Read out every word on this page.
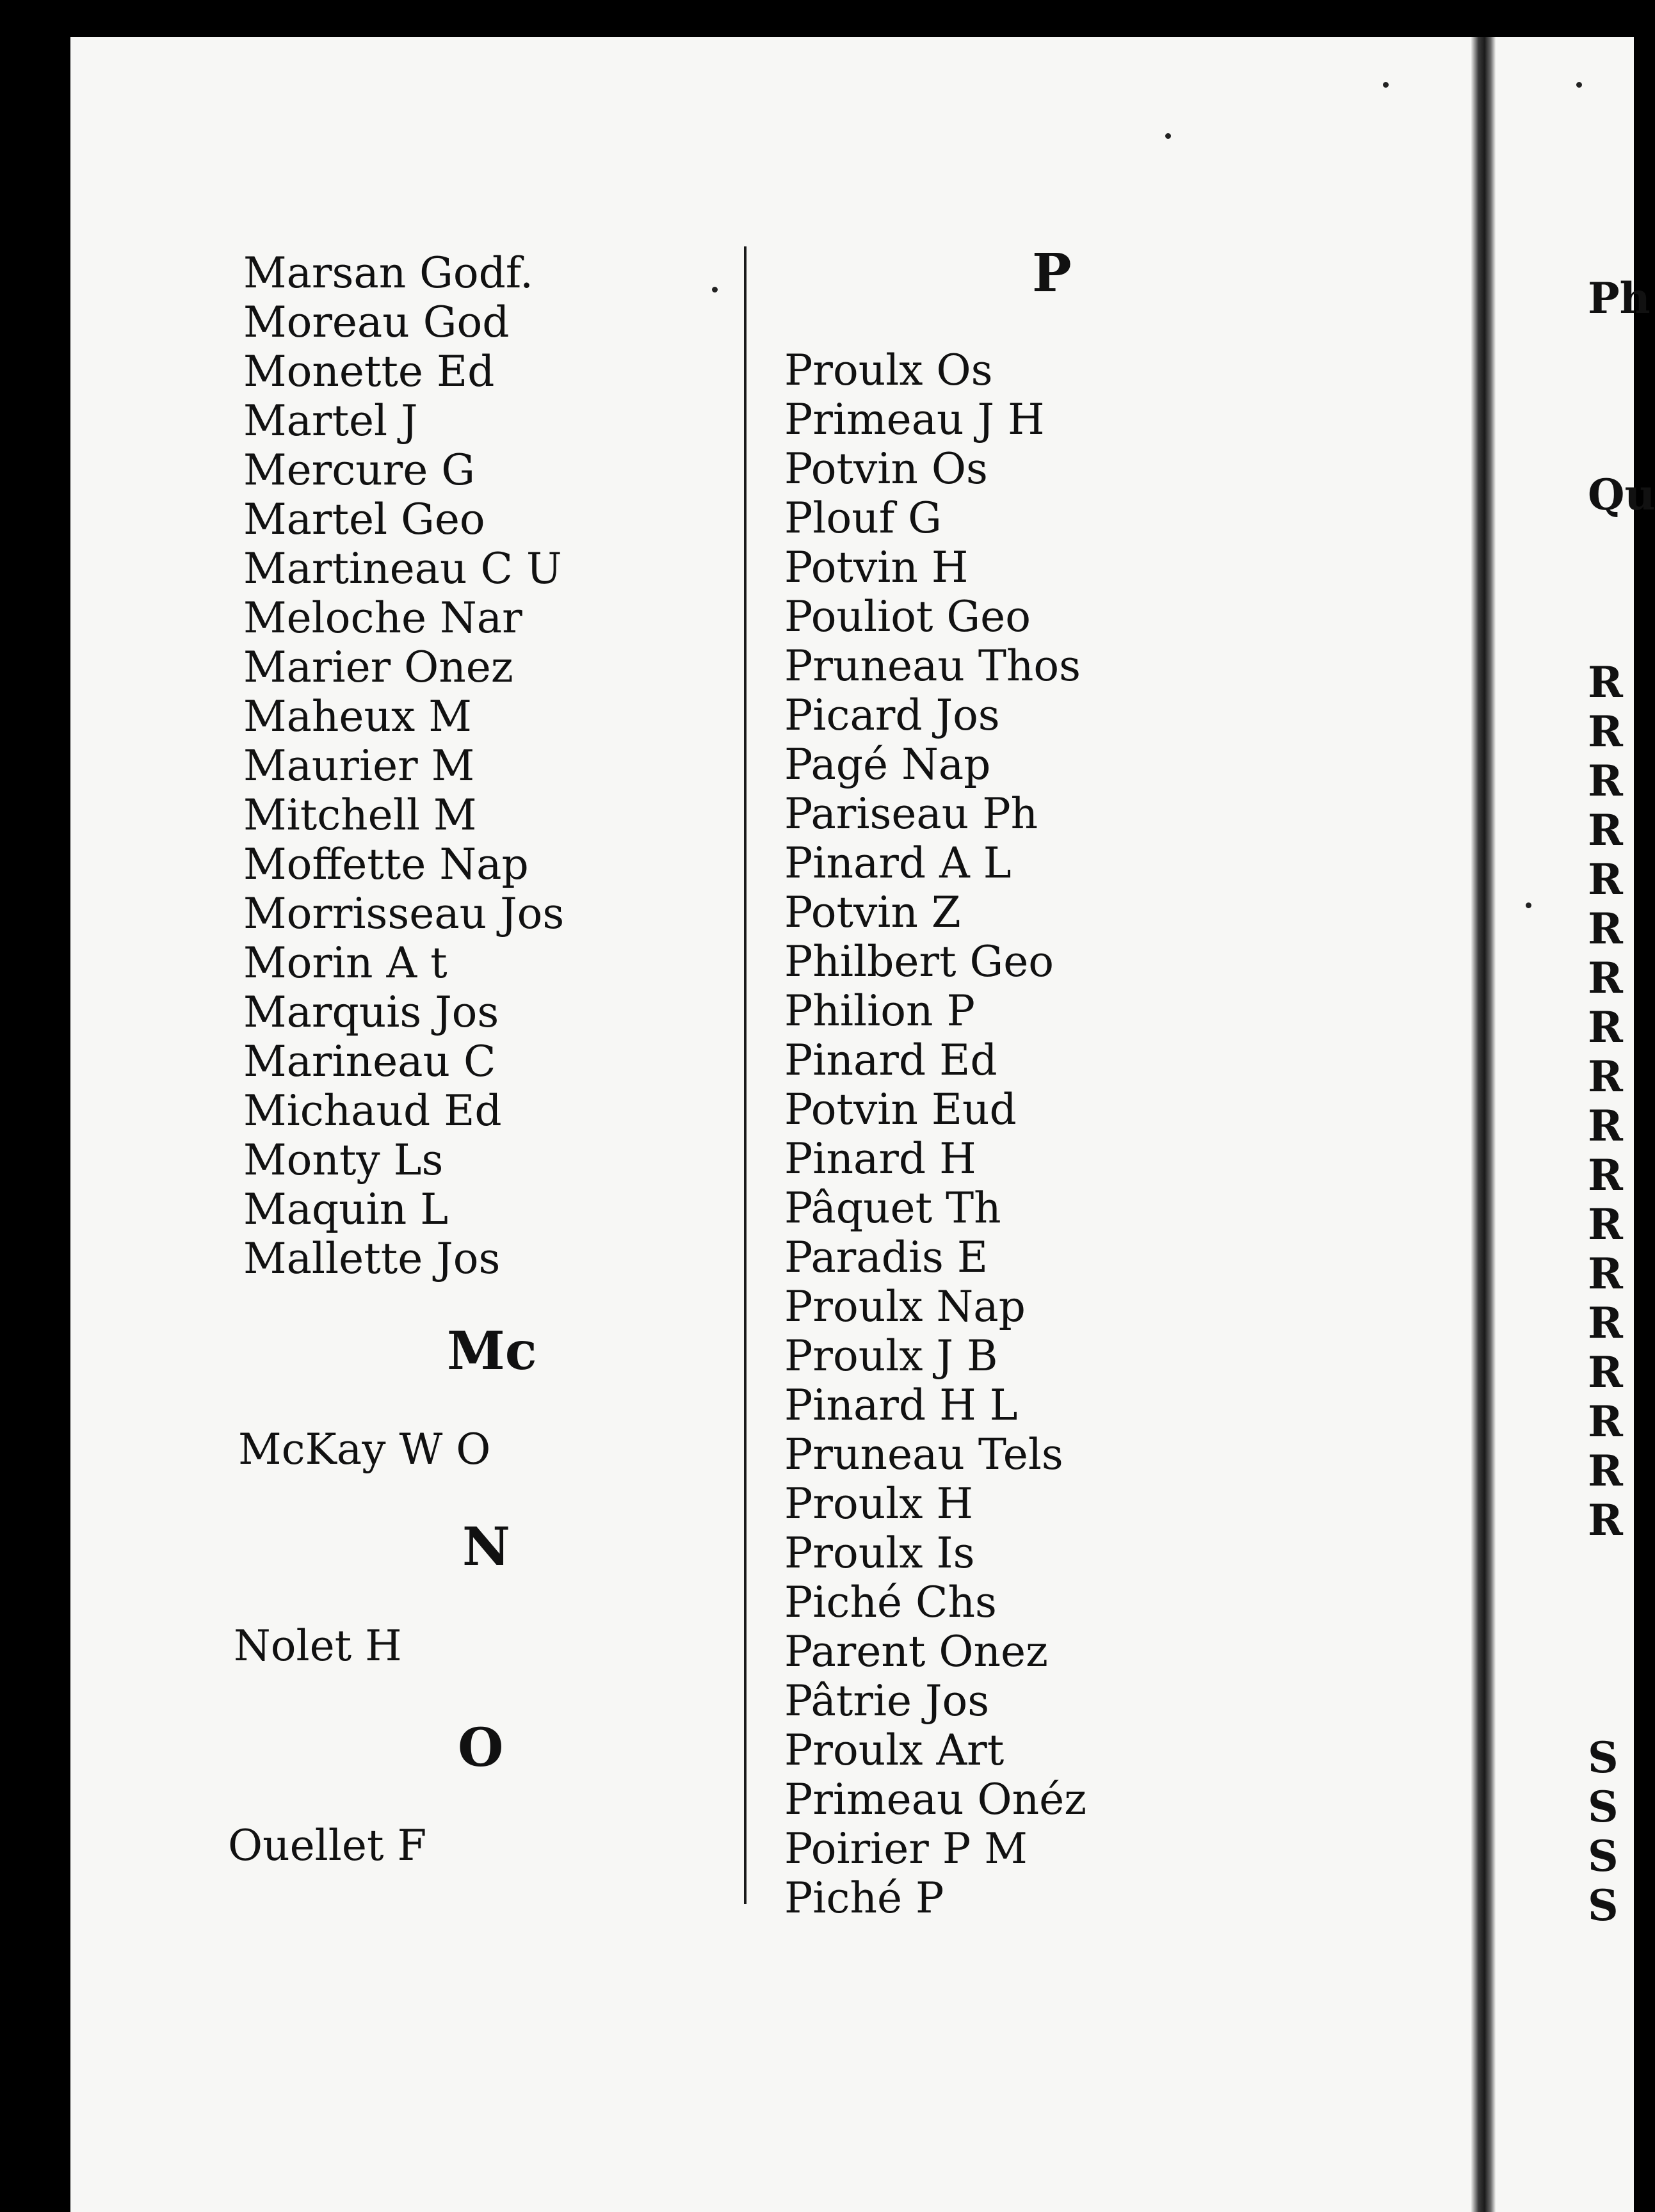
Marsan Godf.
Moreau God
Monette Ed
Martel J
Mercure G
Martel Geo
Martineau C U
Meloche Nar
Marier Onez
Maheux M
Maurier M
Mitchell M
Moffette Nap
Morrisseau Jos
Morin A t
Marquis Jos
Marineau C
Michaud Ed
Monty Ls
Maquin L
Mallette Jos
Mc
McKay W O
N
Nolet H
O
Ouellet F
P
Proulx Os
Primeau J H
Potvin Os
Plouf G
Potvin H
Pouliot Geo
Pruneau Thos
Picard Jos
Pagé Nap
Pariseau Ph
Pinard A L
Potvin Z
Philbert Geo
Philion P
Pinard Ed
Potvin Eud
Pinard H
Pâquet Th
Paradis E
Proulx Nap
Proulx J B
Pinard H L
Pruneau Tels
Proulx H
Proulx Is
Piché Chs
Parent Onez
Pâtrie Jos
Proulx Art
Primeau Onéz
Poirier P M
Piché P
Ph
Qu
R
R
R
R
R
R
R
R
R
R
R
R
R
R
R
R
R
R
S
S
S
S
